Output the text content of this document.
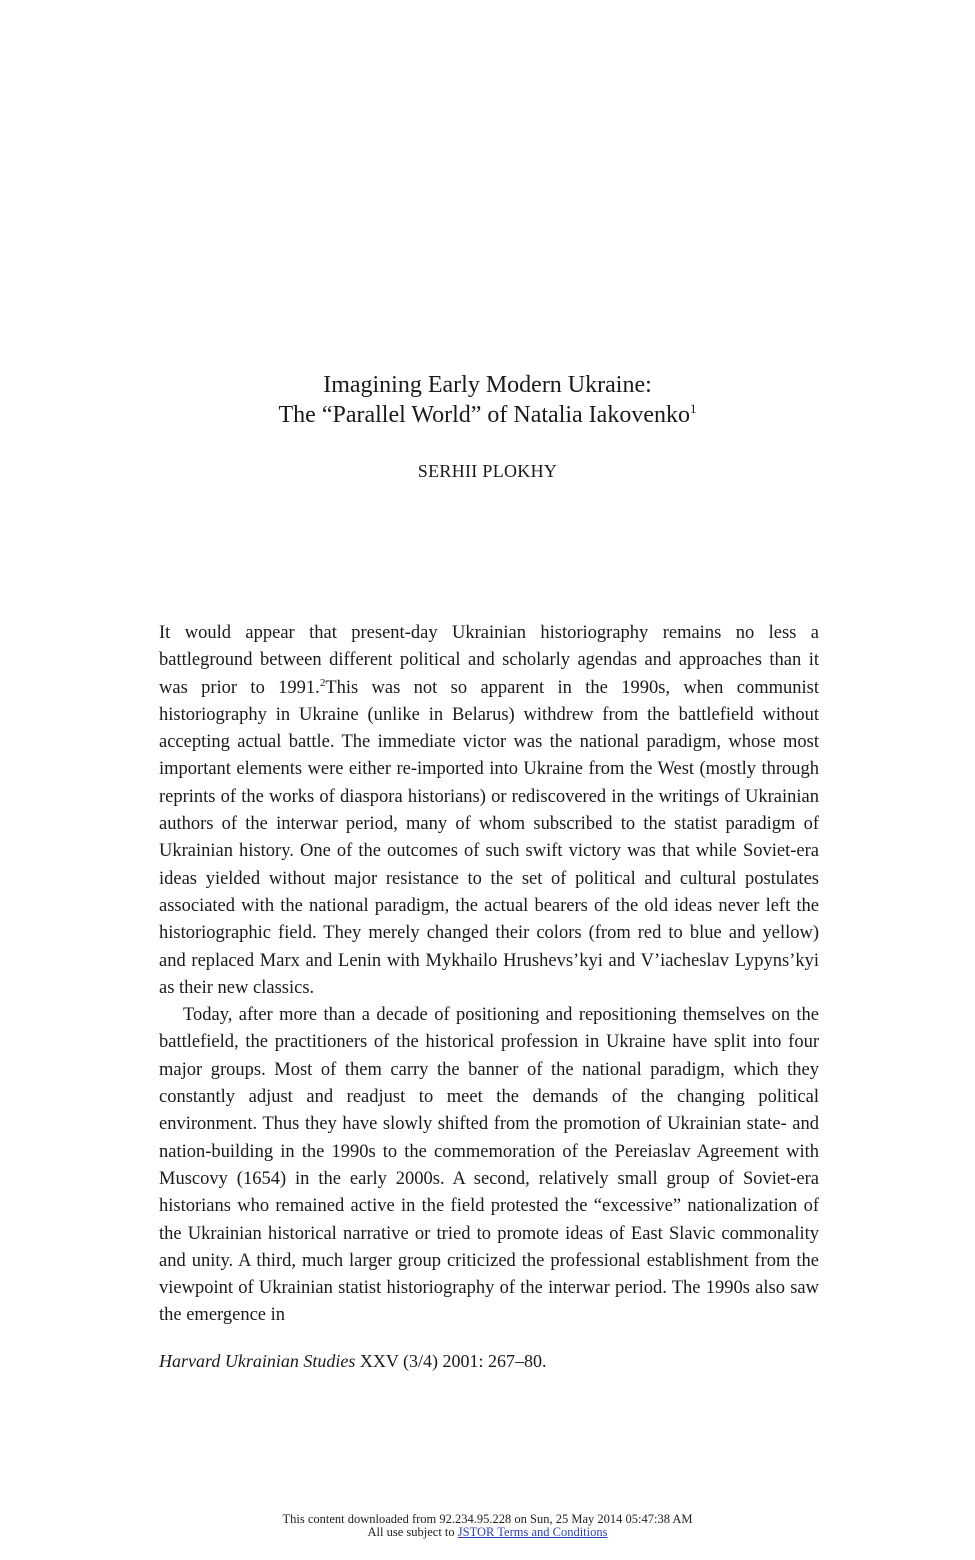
Imagining Early Modern Ukraine:

The “Parallel World” of Natalia Iakovenko$^1$

SERHII PLOKHY

It would appear that present-day Ukrainian historiography remains no less a battleground between different political and scholarly agendas and approaches than it was prior to 1991.$^2$This was not so apparent in the 1990s, when communist historiography in Ukraine (unlike in Belarus) withdrew from the battlefield without accepting actual battle. The immediate victor was the national paradigm, whose most important elements were either re-imported into Ukraine from the West (mostly through reprints of the works of diaspora historians) or rediscovered in the writings of Ukrainian authors of the interwar period, many of whom subscribed to the statist paradigm of Ukrainian history. One of the outcomes of such swift victory was that while Soviet-era ideas yielded without major resistance to the set of political and cultural postulates associated with the national paradigm, the actual bearers of the old ideas never left the historiographic field. They merely changed their colors (from red to blue and yellow) and replaced Marx and Lenin with Mykhailo Hrushevs’kyi and V’iacheslav Lypyns’kyi as their new classics.

Today, after more than a decade of positioning and repositioning themselves on the battlefield, the practitioners of the historical profession in Ukraine have split into four major groups. Most of them carry the banner of the national paradigm, which they constantly adjust and readjust to meet the demands of the changing political environment. Thus they have slowly shifted from the promotion of Ukrainian state- and nation-building in the 1990s to the commemoration of the Pereiaslav Agreement with Muscovy (1654) in the early 2000s. A second, relatively small group of Soviet-era historians who remained active in the field protested the “excessive” nationalization of the Ukrainian historical narrative or tried to promote ideas of East Slavic commonality and unity. A third, much larger group criticized the professional establishment from the viewpoint of Ukrainian statist historiography of the interwar period. The 1990s also saw the emergence in

Harvard Ukrainian Studies XXV (3/4) 2001: 267–80.
This content downloaded from 92.234.95.228 on Sun, 25 May 2014 05:47:38 AM
All use subject to JSTOR Terms and Conditions
